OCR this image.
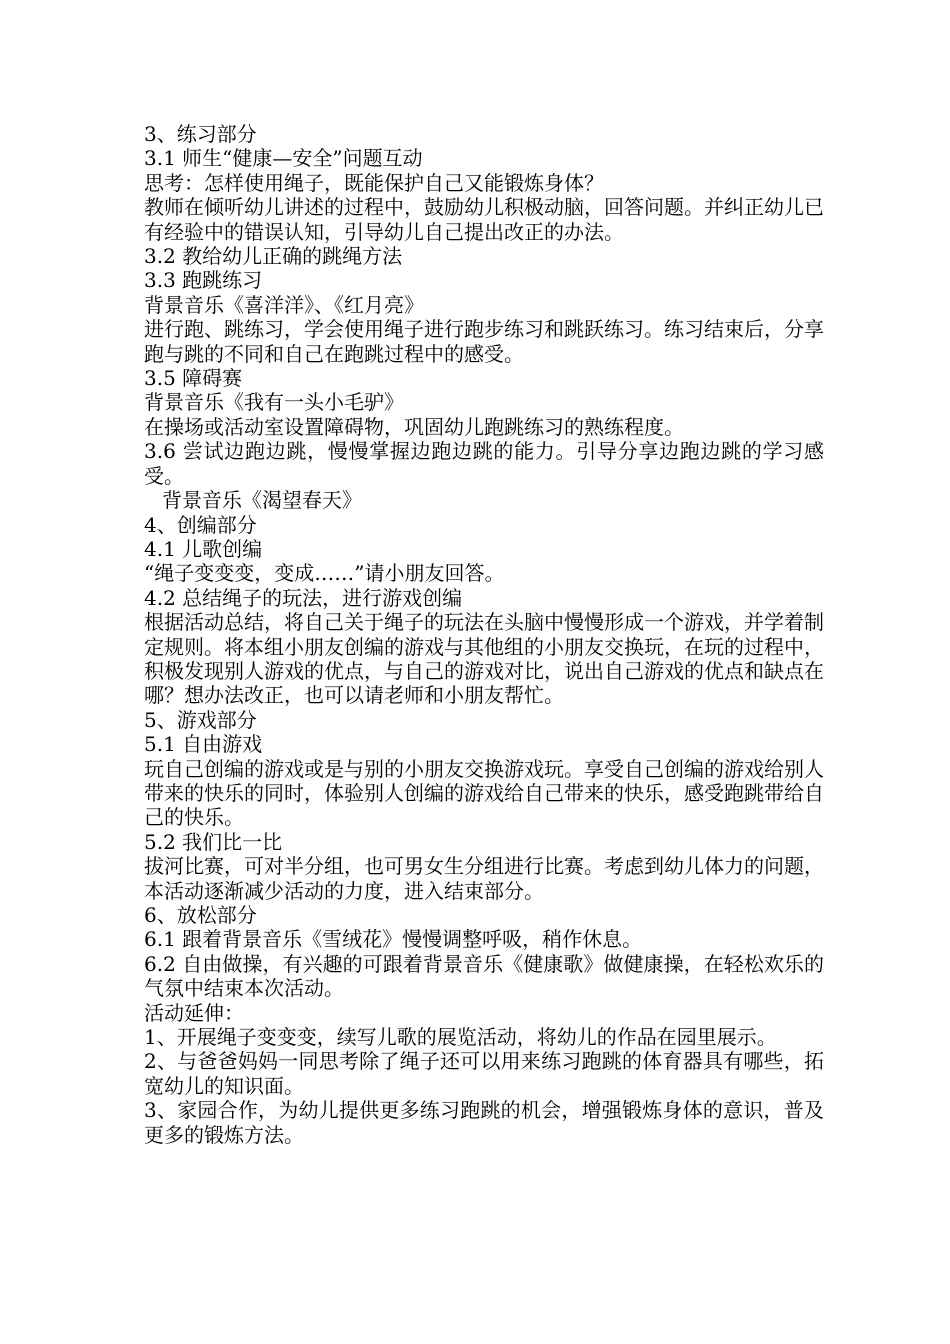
3、练习部分

3.1 师生“健康—安全”问题互动

思考：怎样使用绳子，既能保护自己又能锻炼身体？

教师在倾听幼儿讲述的过程中，鼓励幼儿积极动脑，回答问题。并纠正幼儿已有经验中的错误认知，引导幼儿自己提出改正的办法。

3.2 教给幼儿正确的跳绳方法

3.3 跑跳练习

背景音乐《喜洋洋》、《红月亮》

进行跑、跳练习，学会使用绳子进行跑步练习和跳跃练习。练习结束后，分享跑与跳的不同和自己在跑跳过程中的感受。

3.5 障碍赛

背景音乐《我有一头小毛驴》

在操场或活动室设置障碍物，巩固幼儿跑跳练习的熟练程度。

3.6 尝试边跑边跳，慢慢掌握边跑边跳的能力。引导分享边跑边跳的学习感受。

背景音乐《渴望春天》

4、创编部分

4.1 儿歌创编

“绳子变变变，变成……”请小朋友回答。

4.2 总结绳子的玩法，进行游戏创编

根据活动总结，将自己关于绳子的玩法在头脑中慢慢形成一个游戏，并学着制定规则。将本组小朋友创编的游戏与其他组的小朋友交换玩，在玩的过程中，积极发现别人游戏的优点，与自己的游戏对比，说出自己游戏的优点和缺点在哪？想办法改正，也可以请老师和小朋友帮忙。

5、游戏部分

5.1 自由游戏

玩自己创编的游戏或是与别的小朋友交换游戏玩。享受自己创编的游戏给别人带来的快乐的同时，体验别人创编的游戏给自己带来的快乐，感受跑跳带给自己的快乐。

5.2 我们比一比

拔河比赛，可对半分组，也可男女生分组进行比赛。考虑到幼儿体力的问题，本活动逐渐减少活动的力度，进入结束部分。

6、放松部分

6.1 跟着背景音乐《雪绒花》慢慢调整呼吸，稍作休息。

6.2 自由做操，有兴趣的可跟着背景音乐《健康歌》做健康操，在轻松欢乐的气氛中结束本次活动。

活动延伸：

1、开展绳子变变变，续写儿歌的展览活动，将幼儿的作品在园里展示。

2、与爸爸妈妈一同思考除了绳子还可以用来练习跑跳的体育器具有哪些，拓宽幼儿的知识面。

3、家园合作，为幼儿提供更多练习跑跳的机会，增强锻炼身体的意识，普及更多的锻炼方法。
